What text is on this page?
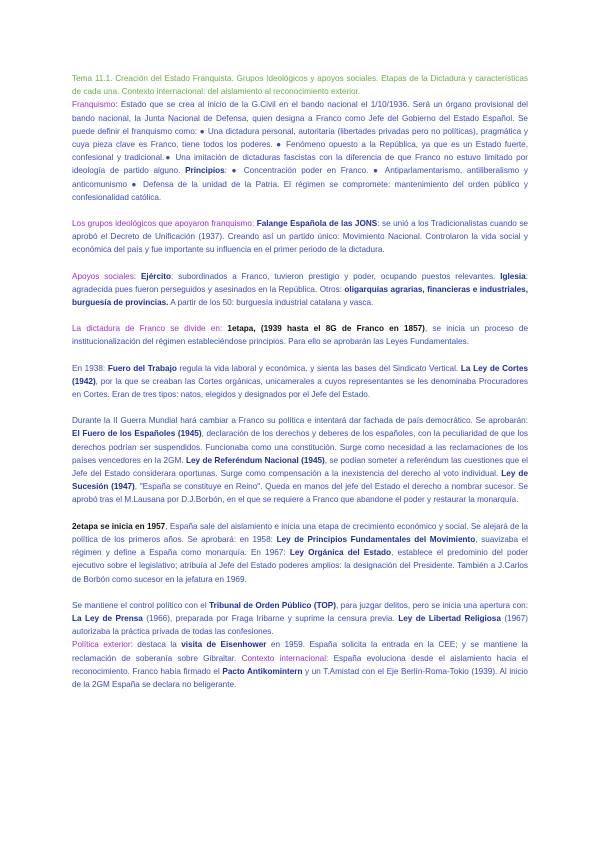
Tema 11.1. Creación del Estado Franquista. Grupos Ideológicos y apoyos sociales. Etapas de la Dictadura y características de cada una. Contexto internacional: del aislamiento al reconocimiento exterior.

Franquismo: Estado que se crea al inicio de la G.Civil en el bando nacional el 1/10/1936. Será un órgano provisional del bando nacional, la Junta Nacional de Defensa, quien designa a Franco como Jefe del Gobierno del Estado Español. Se puede definir el franquismo como: ● Una dictadura personal, autoritaria (libertades privadas pero no políticas), pragmática y cuya pieza clave es Franco, tiene todos los poderes. ● Fenómeno opuesto a la República, ya que es un Estado fuerte, confesional y tradicional.● Una imitación de dictaduras fascistas con la diferencia de que Franco no estuvo limitado por ideología de partido alguno. Principios: ● Concentración poder en Franco. ● Antiparlamentarismo, antiliberalismo y anticomunismo ● Defensa de la unidad de la Patria. El régimen se compromete: mantenimiento del orden público y confesionalidad católica.

Los grupos ideológicos que apoyaron franquismo: Falange Española de las JONS: se unió a los Tradicionalistas cuando se aprobó el Decreto de Unificación (1937). Creando así un partido único: Movimiento Nacional. Controlaron la vida social y económica del país y fue importante su influencia en el primer periodo de la dictadura.

Apoyos sociales: Ejército: subordinados a Franco, tuvieron prestigio y poder, ocupando puestos relevantes. Iglesia: agradecida pues fueron perseguidos y asesinados en la República. Otros: oligarquías agrarias, financieras e industriales, burguesía de provincias. A partir de los 50: burguesía industrial catalana y vasca.

La dictadura de Franco se divide en: 1etapa, (1939 hasta el 8G de Franco en 1857), se inicia un proceso de institucionalización del régimen estableciéndose principios. Para ello se aprobarán las Leyes Fundamentales.

En 1938: Fuero del Trabajo regula la vida laboral y económica. y sienta las bases del Sindicato Vertical. La Ley de Cortes (1942), por la que se creaban las Cortes orgánicas, unicamerales a cuyos representantes se les denominaba Procuradores en Cortes. Eran de tres tipos: natos, elegidos y designados por el Jefe del Estado.

Durante la II Guerra Mundial hará cambiar a Franco su política e intentará dar fachada de país democrático. Se aprobarán: El Fuero de los Españoles (1945), declaración de los derechos y deberes de los españoles, con la peculiaridad de que los derechos podrían ser suspendidos. Funcionaba como una constitución. Surge como necesidad a las reclamaciones de los países vencedores en la 2GM. Ley de Referéndum Nacional (1945), se podían someter a referéndum las cuestiones que el Jefe del Estado considerara oportunas. Surge como compensación a la inexistencia del derecho al voto individual. Ley de Sucesión (1947), "España se constituye en Reino". Queda en manos del jefe del Estado el derecho a nombrar sucesor. Se aprobó tras el M.Lausana por D.J.Borbón, en el que se requiere a Franco que abandone el poder y restaurar la monarquía.

2etapa se inicia en 1957, España sale del aislamiento e inicia una etapa de crecimiento económico y social. Se alejará de la política de los primeros años. Se aprobará: en 1958: Ley de Principios Fundamentales del Movimiento, suavizaba el régimen y define a España como monarquía. En 1967: Ley Orgánica del Estado, establece el predominio del poder ejecutivo sobre el legislativo; atribuía al Jefe del Estado poderes amplios: la designación del Presidente. También a J.Carlos de Borbón como sucesor en la jefatura en 1969.

Se mantiene el control político con el Tribunal de Orden Público (TOP), para juzgar delitos, pero se inicia una apertura con: La Ley de Prensa (1966), preparada por Fraga Iribarne y suprime la censura previa. Ley de Libertad Religiosa (1967) autorizaba la práctica privada de todas las confesiones.

Política exterior: destaca la visita de Eisenhower en 1959. España solicita la entrada en la CEE; y se mantiene la reclamación de soberanía sobre Gibraltar. Contexto internacional: España evoluciona desde el aislamiento hacia el reconocimiento. Franco había firmado el Pacto Antikomintern y un T.Amistad con el Eje Berlín-Roma-Tokio (1939). Al inicio de la 2GM España se declara no beligerante.
